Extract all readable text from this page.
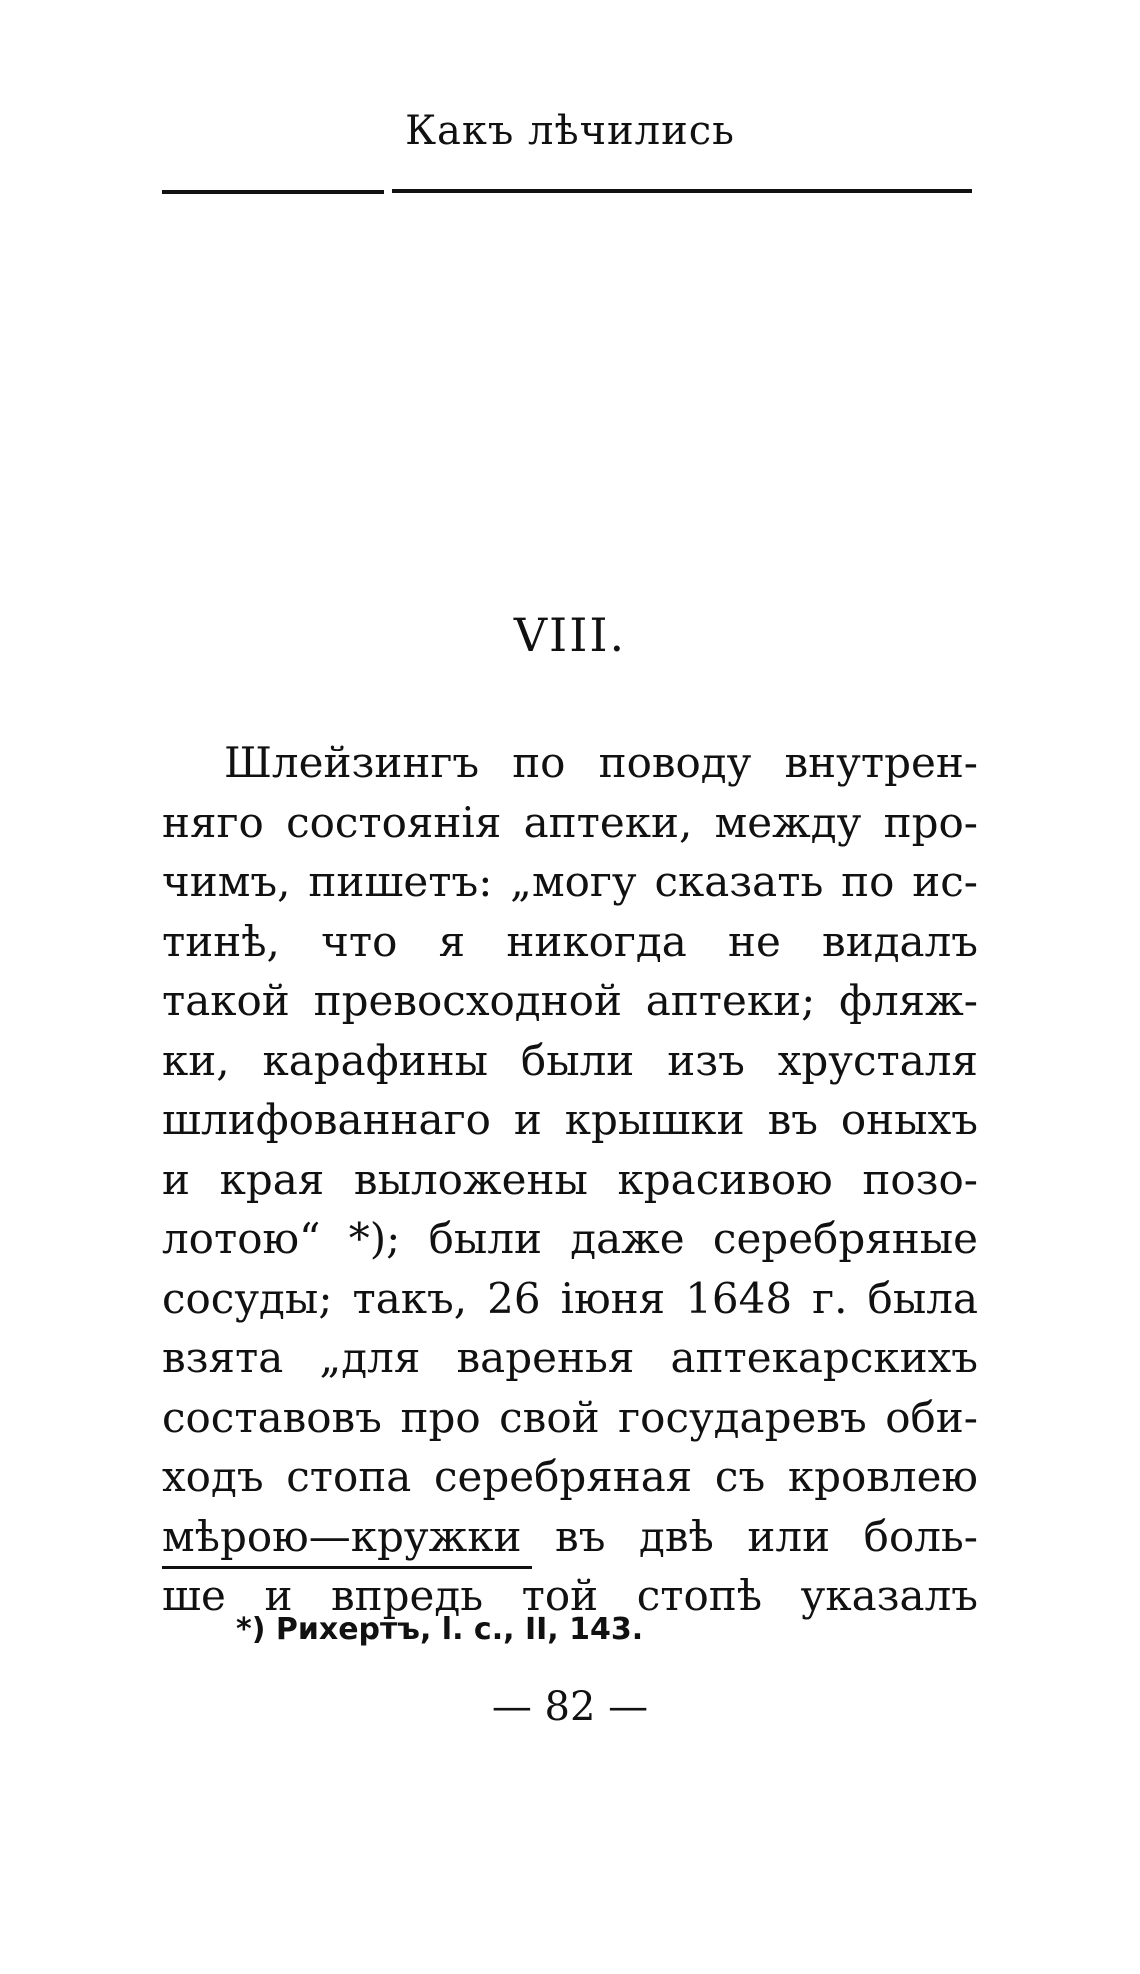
Какъ лѣчились
VIII.
Шлейзингъ по поводу внутрен-
няго состоянія аптеки, между про-
чимъ, пишетъ: „могу сказать по ис-
тинѣ, что я никогда не видалъ
такой превосходной аптеки; фляж-
ки, карафины были изъ хрусталя
шлифованнаго и крышки въ оныхъ
и края выложены красивою позо-
лотою“ *); были даже серебряные
сосуды; такъ, 26 іюня 1648 г. была
взята „для варенья аптекарскихъ
составовъ про свой государевъ оби-
ходъ стопа серебряная съ кровлею
мѣрою—кружки въ двѣ или боль-
ше и впредь той стопѣ указалъ
*) Рихертъ, l. c., II, 143.
— 82 —
